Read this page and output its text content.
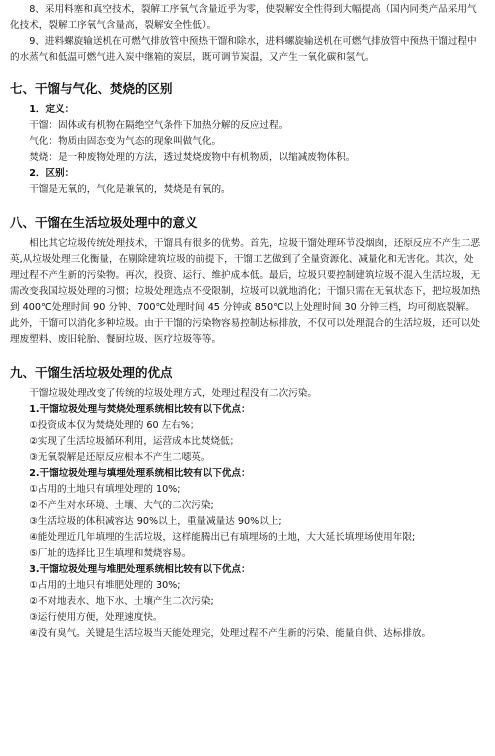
8、采用料塞和真空技术，裂解工序氧气含量近乎为零，使裂解安全性得到大幅提高（国内同类产品采用气化技术，裂解工序氧气含量高，裂解安全性低）。

9、进料螺旋输送机在可燃气排放管中预热干馏和除水，进料螺旋输送机在可燃气排放管中预热干馏过程中的水蒸气和低温可燃气进入炭中继箱的炭层，既可调节炭温，又产生一氧化碳和氢气。

七、干馏与气化、焚烧的区别

1．定义：

干馏：固体或有机物在隔绝空气条件下加热分解的反应过程。

气化：物质由固态变为气态的现象叫做气化。

焚烧：是一种废物处理的方法，透过焚烧废物中有机物质，以缩减废物体积。

2．区别：

干馏是无氧的，气化是兼氧的，焚烧是有氧的。

八、干馏在生活垃圾处理中的意义

相比其它垃圾传统处理技术，干馏具有很多的优势。首先，垃圾干馏处理环节没烟囱，还原反应不产生二恶英,从垃圾处理三化衡量，在剔除建筑垃圾的前提下，干馏工艺做到了全量资源化、减量化和无害化。其次，处理过程不产生新的污染物。再次，投资、运行、维护成本低。最后，垃圾只要控制建筑垃圾不混入生活垃圾，无需改变我国垃圾处理的习惯；垃圾处理选点不受限制，垃圾可以就地消化；干馏只需在无氧状态下，把垃圾加热到 400℃处理时间 90 分钟、700℃处理时间 45 分钟或 850℃以上处理时间 30 分钟三档，均可彻底裂解。此外，干馏可以消化多种垃圾。由于干馏的污染物容易控制达标排放，不仅可以处理混合的生活垃圾，还可以处理废塑料、废旧轮胎、餐厨垃圾、医疗垃圾等等。

九、干馏生活垃圾处理的优点

干馏垃圾处理改变了传统的垃圾处理方式，处理过程没有二次污染。

1.干馏垃圾处理与焚烧处理系统相比较有以下优点：

①投资成本仅为焚烧处理的 60 左右%；

②实现了生活垃圾循环利用，运营成本比焚烧低；

③无氧裂解是还原反应根本不产生二噁英。

2.干馏垃圾处理与填埋处理系统相比较有以下优点：

①占用的土地只有填埋处理的 10%;

②不产生对水环境、土壤、大气的二次污染;

③生活垃圾的体积减容达 90%以上，重量减量达 90%以上;

④能处理近几年填埋的生活垃圾，这样能腾出已有填埋场的土地，大大延长填埋场使用年限;

⑤厂址的选择比卫生填埋和焚烧容易。

3.干馏垃圾处理与堆肥处理系统相比较有以下优点：

①占用的土地只有堆肥处理的 30%;

②不对地表水、地下水、土壤产生二次污染;

③运行使用方便，处理速度快。

④没有臭气。关键是生活垃圾当天能处理完，处理过程不产生新的污染、能量自供、达标排放。
